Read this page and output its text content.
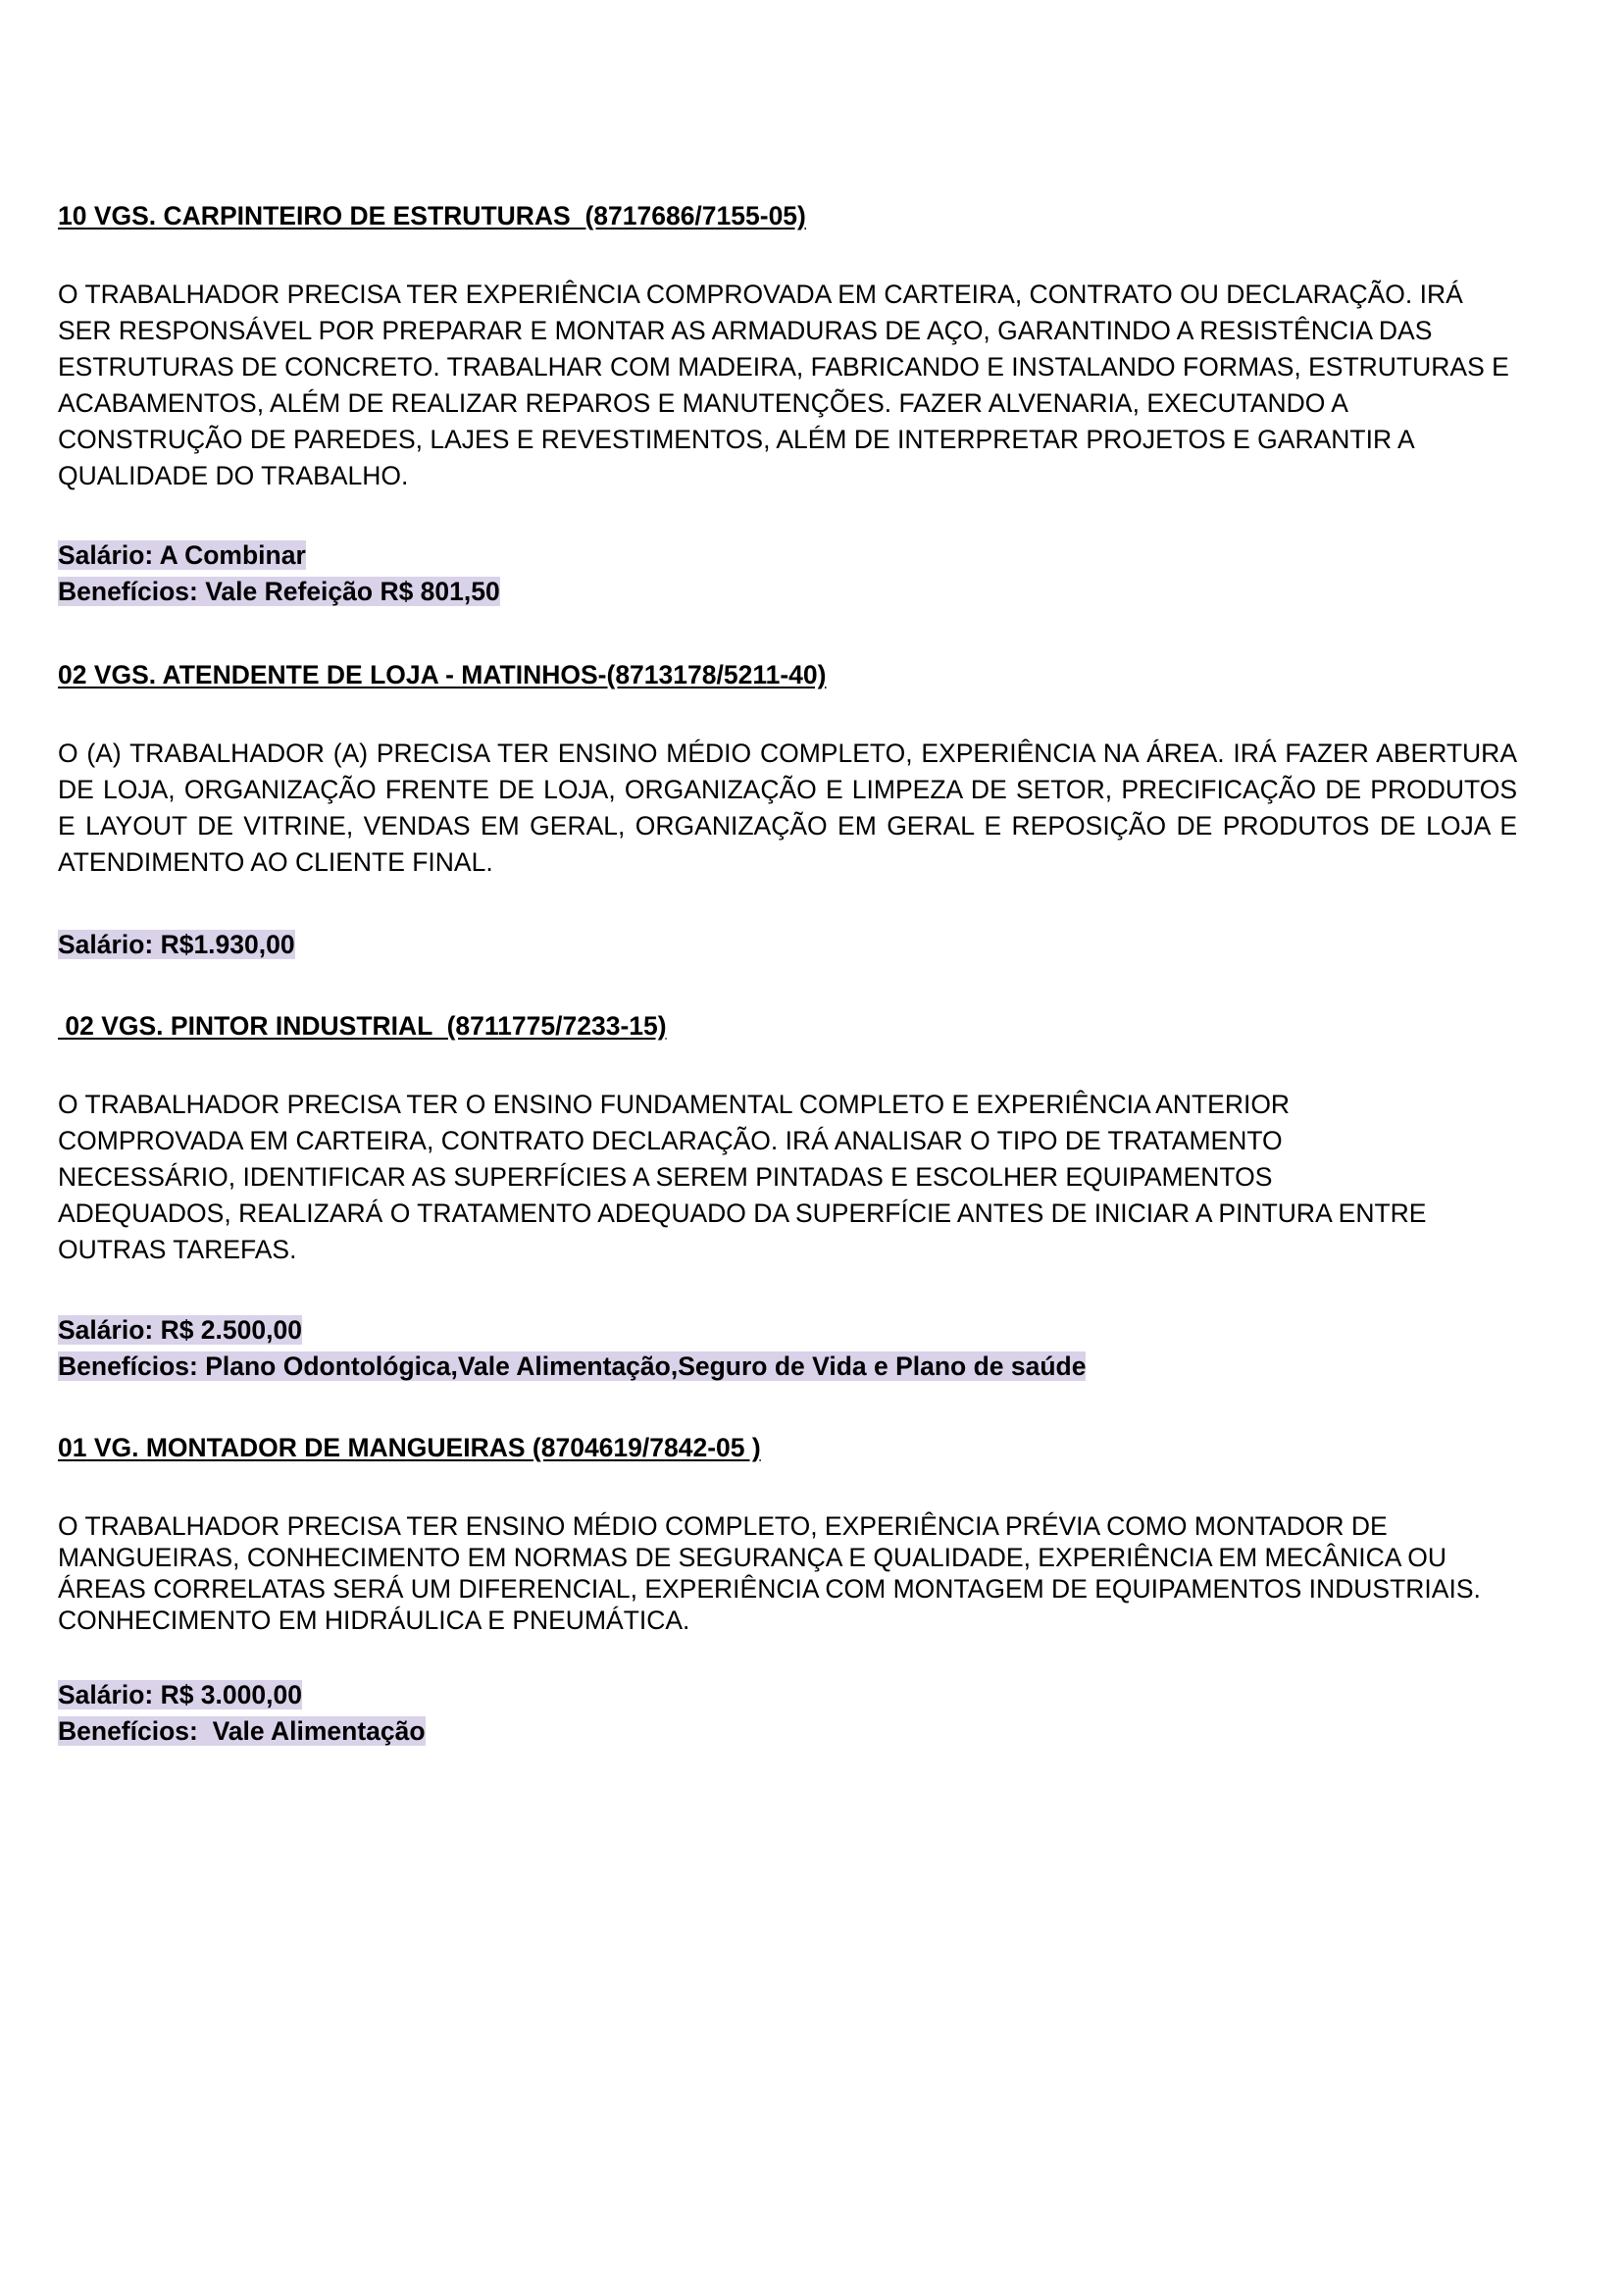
10 VGS. CARPINTEIRO DE ESTRUTURAS  (8717686/7155-05)

O TRABALHADOR PRECISA TER EXPERIÊNCIA COMPROVADA EM CARTEIRA, CONTRATO OU DECLARAÇÃO. IRÁ SER RESPONSÁVEL POR PREPARAR E MONTAR AS ARMADURAS DE AÇO, GARANTINDO A RESISTÊNCIA DAS ESTRUTURAS DE CONCRETO. TRABALHAR COM MADEIRA, FABRICANDO E INSTALANDO FORMAS, ESTRUTURAS E ACABAMENTOS, ALÉM DE REALIZAR REPAROS E MANUTENÇÕES. FAZER ALVENARIA, EXECUTANDO A CONSTRUÇÃO DE PAREDES, LAJES E REVESTIMENTOS, ALÉM DE INTERPRETAR PROJETOS E GARANTIR A QUALIDADE DO TRABALHO.

Salário: A Combinar
Benefícios: Vale Refeição R$ 801,50
02 VGS. ATENDENTE DE LOJA - MATINHOS-(8713178/5211-40)

O (A) TRABALHADOR (A) PRECISA TER ENSINO MÉDIO COMPLETO, EXPERIÊNCIA NA ÁREA. IRÁ FAZER ABERTURA DE LOJA, ORGANIZAÇÃO FRENTE DE LOJA, ORGANIZAÇÃO E LIMPEZA DE SETOR, PRECIFICAÇÃO DE PRODUTOS E LAYOUT DE VITRINE, VENDAS EM GERAL, ORGANIZAÇÃO EM GERAL E REPOSIÇÃO DE PRODUTOS DE LOJA E ATENDIMENTO AO CLIENTE FINAL.

Salário: R$1.930,00
02 VGS. PINTOR INDUSTRIAL  (8711775/7233-15)

O TRABALHADOR PRECISA TER O ENSINO FUNDAMENTAL COMPLETO E EXPERIÊNCIA ANTERIOR COMPROVADA EM CARTEIRA, CONTRATO DECLARAÇÃO. IRÁ ANALISAR O TIPO DE TRATAMENTO NECESSÁRIO, IDENTIFICAR AS SUPERFÍCIES A SEREM PINTADAS E ESCOLHER EQUIPAMENTOS ADEQUADOS, REALIZARÁ O TRATAMENTO ADEQUADO DA SUPERFÍCIE ANTES DE INICIAR A PINTURA ENTRE OUTRAS TAREFAS.

Salário: R$ 2.500,00
Benefícios: Plano Odontológica,Vale Alimentação,Seguro de Vida e Plano de saúde
01 VG. MONTADOR DE MANGUEIRAS (8704619/7842-05 )

O TRABALHADOR PRECISA TER ENSINO MÉDIO COMPLETO, EXPERIÊNCIA PRÉVIA COMO MONTADOR DE MANGUEIRAS, CONHECIMENTO EM NORMAS DE SEGURANÇA E QUALIDADE, EXPERIÊNCIA EM MECÂNICA OU ÁREAS CORRELATAS SERÁ UM DIFERENCIAL, EXPERIÊNCIA COM MONTAGEM DE EQUIPAMENTOS INDUSTRIAIS. CONHECIMENTO EM HIDRÁULICA E PNEUMÁTICA.

Salário: R$ 3.000,00
Benefícios:  Vale Alimentação
